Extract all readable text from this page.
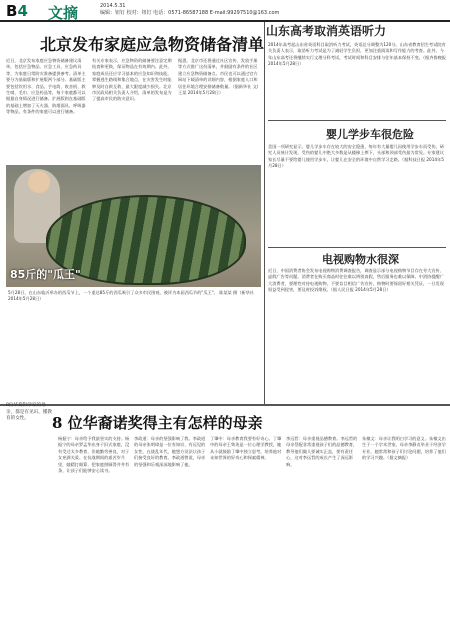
B4 文摘	2014.5.31
编辑：钮钉 校对：钮钉 电话：0571-86587188 E-mail:99297510@163.com
北京发布家庭应急物资储备清单
近日，北京发布家庭应急物资储备建议清单，包括应急物品、应急工具、应急药具等，为家庭日常防灾准备提供参考。清单主要分为基础版和扩展版两个部分。基础版主要包括饮用水、食品、手电筒、收音机、救生哨、毛巾、应急药品等，每个家庭都可以根据自身情况进行储备。扩展版则在基础版的基础上增加了灭火器、防烟面具、呼吸器等物品，有条件的家庭可以进行储备。
有关专家表示，应急物资的储备要注意定期检查和更换，保证物品在有效期内。此外，家庭成员还应学习基本的应急知识和技能，掌握逃生路线和集合地点，在灾害发生时能够及时自救互救，最大限度减少损失。北京市民政局相关负责人介绍，清单的发布是为了提高市民的防灾意识。
据悉，北京市还将通过社区宣传、发放手册等方式推广这份清单，并鼓励有条件的社区建立应急物资储备点。市民也可以通过官方网站下载清单的详细内容，根据家庭人口和居住环境合理安排储备数量。（据新华社 文/王某 2014年5月28日）
85斤的"瓜王"
5月28日，在山东临沂举办的西瓜节上，一个重达85斤的西瓜吸引了众多市民围观，被评为本届西瓜节的"瓜王"。 陈某某 摄（新华社 2014年5月28日）
山东高考取消英语听力
2014年高考起山东省英语科目取消听力考试，英语总分调整为120分。山东省教育招生考试院有关负责人表示，取消听力考试是为了减轻学生负担，更加注重阅读和写作能力的考查。此外，今年山东高考还将继续实行文理分科考试，考试时间和科目安排与往年基本保持不变。（据齐鲁晚报 2014年5月28日）
婴儿学步车很危险
美国一项研究显示，婴儿学步车存在较大的安全隐患，每年有大量婴儿因使用学步车而受伤。研究人员统计发现，受伤的婴儿中绝大多数是从楼梯上摔下，头部和颈部受伤最为常见。专家建议家长尽量不要给婴儿使用学步车，让婴儿在安全的环境中自然学习走路。（据科技日报 2014年5月28日）
电视购物水很深
近日，中国消费者协会发布电视购物消费调查报告，调查显示部分电视购物节目存在夸大宣传、虚假广告等问题。消费者在购买商品时往往难以辨别真假，售后服务也难以保障。中消协提醒广大消费者，要理性对待电视购物，不要盲目相信广告宣传，购物时要保留好相关凭证，一旦发现权益受到侵害，要及时投诉维权。（据人民日报 2014年5月28日）
8位华裔科学家的母亲，都是有见识、懂教育的女性。	8 位华裔诺奖得主有怎样的母亲
杨振宁：母亲给予我最坚实的支持。杨振宁的母亲罗孟华出身于旧式家庭，没有受过太多教育，但她勤劳善良，对子女充满关爱。在抗战期间的艰苦岁月里，她精打细算，把家庭照顾得井井有条，让孩子们能够安心读书。
李政道：母亲的坚强影响了我。李政道的母亲张明璋是一位有知识、有远见的女性，在战乱年代，她想方设法让孩子们接受良好的教育。李政道曾说，母亲的坚强和乐观深深地影响了他。
丁肇中：母亲教育我要有好奇心。丁肇中的母亲王隽英是一位心理学教授，她从小就鼓励丁肇中独立思考，培养他对未知世界的好奇心和探索精神。
李远哲：母亲重视品德教育。李远哲的母亲蔡配非常重视孩子们的品德教育，教导他们做人要诚实正直，要有责任心，这对李远哲的成长产生了深远影响。
朱棣文：母亲让我明白学习的意义。朱棣文出生于一个学术世家，母亲李静贞毕业于经济学专业，她常常和孩子们讨论问题，培养了他们的学习兴趣。（据文摘报）
